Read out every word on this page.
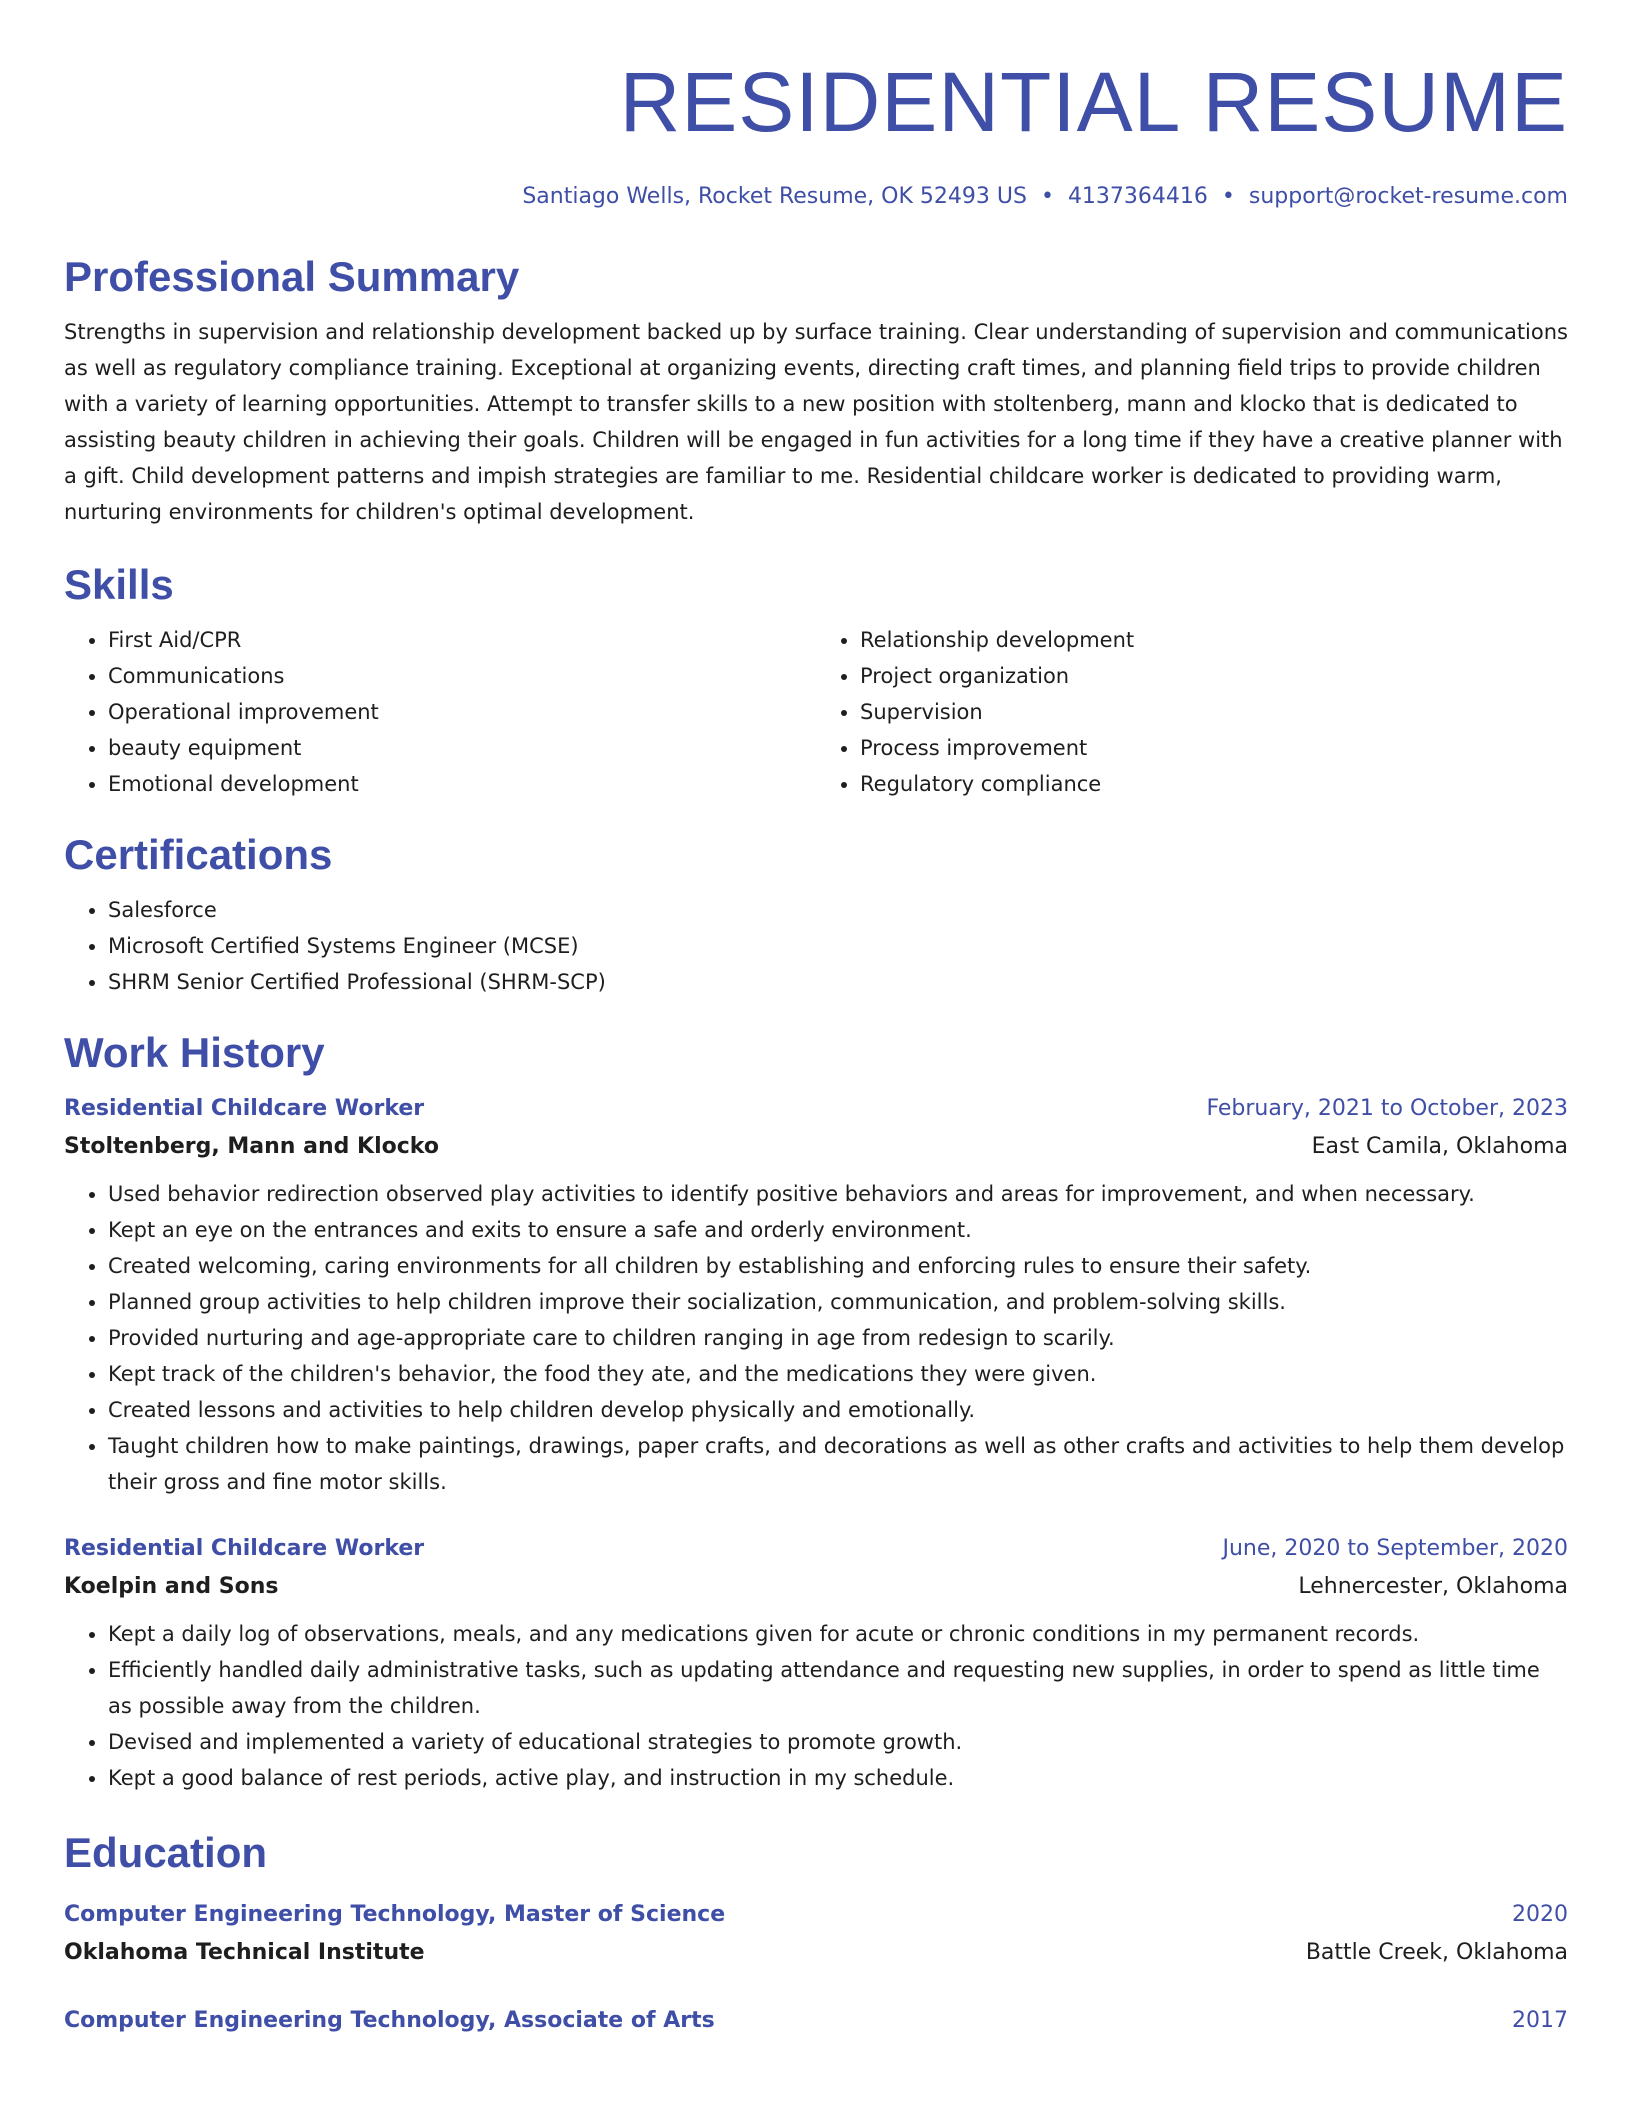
RESIDENTIAL RESUME
Santiago Wells, Rocket Resume, OK 52493 US • 4137364416 • support@rocket-resume.com
Professional Summary
Strengths in supervision and relationship development backed up by surface training. Clear understanding of supervision and communications as well as regulatory compliance training. Exceptional at organizing events, directing craft times, and planning field trips to provide children with a variety of learning opportunities. Attempt to transfer skills to a new position with stoltenberg, mann and klocko that is dedicated to assisting beauty children in achieving their goals. Children will be engaged in fun activities for a long time if they have a creative planner with a gift. Child development patterns and impish strategies are familiar to me. Residential childcare worker is dedicated to providing warm, nurturing environments for children's optimal development.
Skills
• First Aid/CPR
• Communications
• Operational improvement
• beauty equipment
• Emotional development
• Relationship development
• Project organization
• Supervision
• Process improvement
• Regulatory compliance
Certifications
• Salesforce
• Microsoft Certified Systems Engineer (MCSE)
• SHRM Senior Certified Professional (SHRM-SCP)
Work History
Residential Childcare Worker	February, 2021 to October, 2023
Stoltenberg, Mann and Klocko	East Camila, Oklahoma
• Used behavior redirection observed play activities to identify positive behaviors and areas for improvement, and when necessary.
• Kept an eye on the entrances and exits to ensure a safe and orderly environment.
• Created welcoming, caring environments for all children by establishing and enforcing rules to ensure their safety.
• Planned group activities to help children improve their socialization, communication, and problem-solving skills.
• Provided nurturing and age-appropriate care to children ranging in age from redesign to scarily.
• Kept track of the children's behavior, the food they ate, and the medications they were given.
• Created lessons and activities to help children develop physically and emotionally.
• Taught children how to make paintings, drawings, paper crafts, and decorations as well as other crafts and activities to help them develop their gross and fine motor skills.
Residential Childcare Worker	June, 2020 to September, 2020
Koelpin and Sons	Lehnercester, Oklahoma
• Kept a daily log of observations, meals, and any medications given for acute or chronic conditions in my permanent records.
• Efficiently handled daily administrative tasks, such as updating attendance and requesting new supplies, in order to spend as little time as possible away from the children.
• Devised and implemented a variety of educational strategies to promote growth.
• Kept a good balance of rest periods, active play, and instruction in my schedule.
Education
Computer Engineering Technology, Master of Science	2020
Oklahoma Technical Institute	Battle Creek, Oklahoma
Computer Engineering Technology, Associate of Arts	2017
